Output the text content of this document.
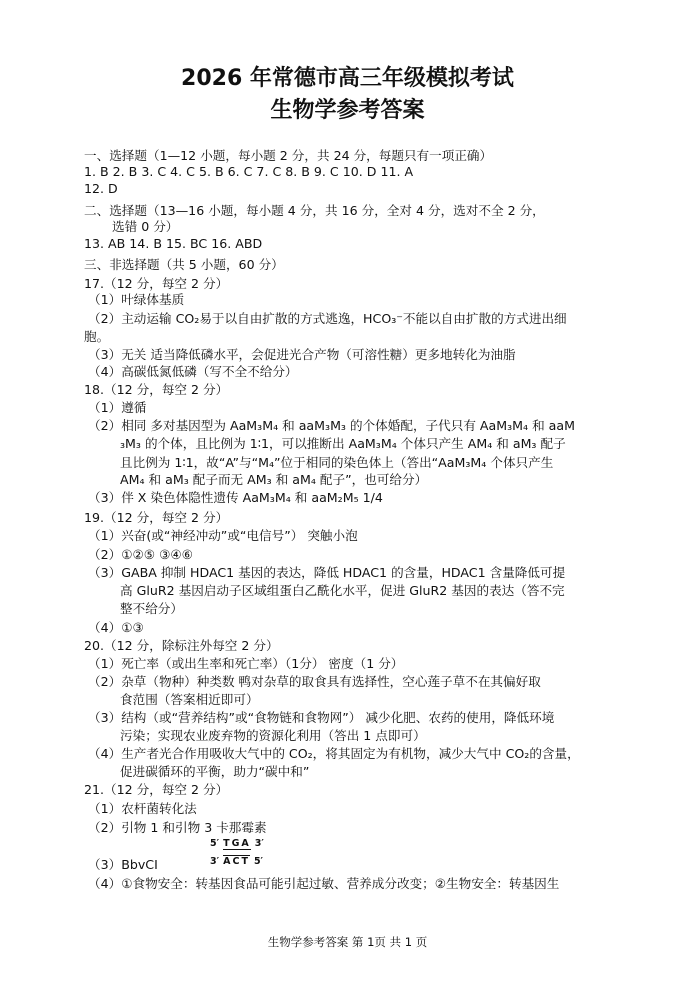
2026 年常德市高三年级模拟考试
生物学参考答案
一、选择题（1—12 小题，每小题 2 分，共 24 分，每题只有一项正确）
1. B 2. B 3. C 4. C 5. B 6. C 7. C 8. B 9. C 10. D 11. A
12. D
二、选择题（13—16 小题，每小题 4 分，共 16 分，全对 4 分，选对不全 2 分，
选错 0 分）
13. AB 14. B 15. BC 16. ABD
三、非选择题（共 5 小题，60 分）
17.（12 分，每空 2 分）
（1）叶绿体基质
（2）主动运输 CO₂易于以自由扩散的方式逃逸，HCO₃⁻不能以自由扩散的方式进出细
胞。
（3）无关 适当降低磷水平，会促进光合产物（可溶性糖）更多地转化为油脂
（4）高碳低氮低磷（写不全不给分）
18.（12 分，每空 2 分）
（1）遵循
（2）相同 多对基因型为 AaM₃M₄ 和 aaM₃M₃ 的个体婚配，子代只有 AaM₃M₄ 和 aaM
₃M₃ 的个体，且比例为 1∶1，可以推断出 AaM₃M₄ 个体只产生 AM₄ 和 aM₃ 配子
且比例为 1∶1，故“A”与“M₄”位于相同的染色体上（答出“AaM₃M₄ 个体只产生
AM₄ 和 aM₃ 配子而无 AM₃ 和 aM₄ 配子”，也可给分）
（3）伴 X 染色体隐性遗传 AaM₃M₄ 和 aaM₂M₅ 1/4
19.（12 分，每空 2 分）
（1）兴奋(或“神经冲动”或“电信号”） 突触小泡
（2）①②⑤ ③④⑥
（3）GABA 抑制 HDAC1 基因的表达，降低 HDAC1 的含量，HDAC1 含量降低可提
高 GluR2 基因启动子区域组蛋白乙酰化水平，促进 GluR2 基因的表达（答不完
整不给分）
（4）①③
20.（12 分，除标注外每空 2 分）
（1）死亡率（或出生率和死亡率）（1分） 密度（1 分）
（2）杂草（物种）种类数 鸭对杂草的取食具有选择性，空心莲子草不在其偏好取
食范围（答案相近即可）
（3）结构（或“营养结构”或“食物链和食物网”） 减少化肥、农药的使用，降低环境
污染；实现农业废弃物的资源化利用（答出 1 点即可）
（4）生产者光合作用吸收大气中的 CO₂，将其固定为有机物，减少大气中 CO₂的含量，
促进碳循环的平衡，助力“碳中和”
21.（12 分，每空 2 分）
（1）农杆菌转化法
（2）引物 1 和引物 3 卡那霉素
5′ TGA 3′
3′ ACT 5′
（3）BbvCI
（4）①食物安全：转基因食品可能引起过敏、营养成分改变；②生物安全：转基因生
生物学参考答案 第 1页 共 1 页
